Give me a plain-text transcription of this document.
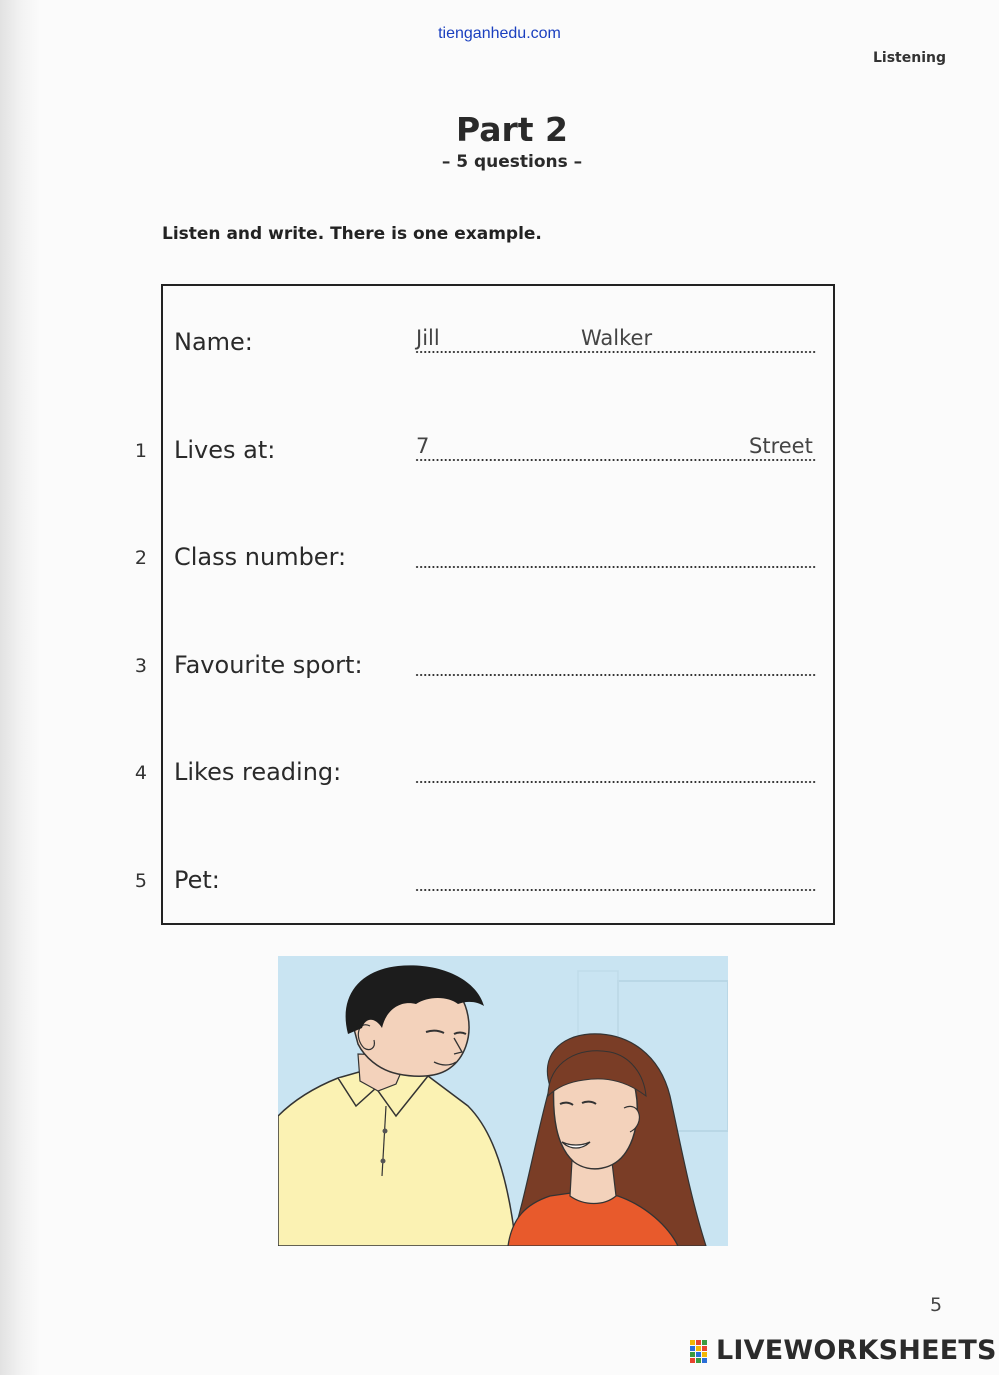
tienganhedu.com
Listening
Part 2
– 5 questions –
Listen and write. There is one example.
Name:	Jill	Walker
1 Lives at:	7	Street
2 Class number:
3 Favourite sport:
4 Likes reading:
5 Pet:
5
LIVEWORKSHEETS
